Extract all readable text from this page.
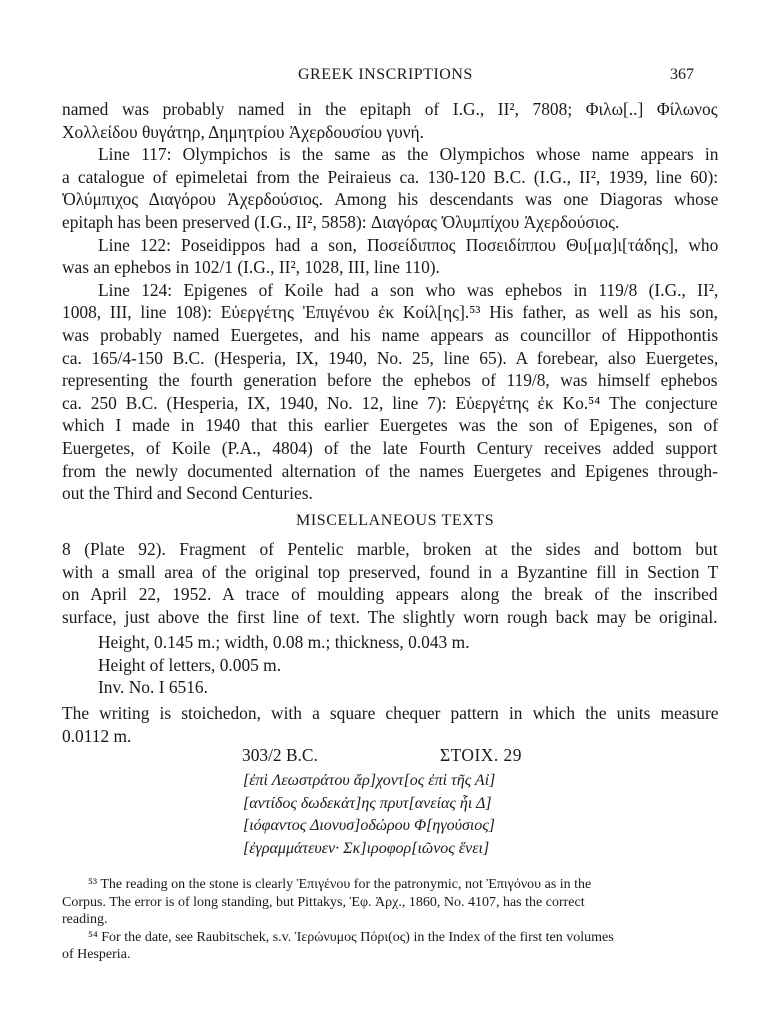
GREEK INSCRIPTIONS	367
named was probably named in the epitaph of I.G., II², 7808; Φιλω[..] Φίλωνος
Χολλείδου θυγάτηρ, Δημητρίου Ἀχερδουσίου γυνή.
Line 117: Olympichos is the same as the Olympichos whose name appears in
a catalogue of epimeletai from the Peiraieus ca. 130-120 B.C. (I.G., II², 1939, line 60):
Ὀλύμπιχος Διαγόρου Ἀχερδούσιος. Among his descendants was one Diagoras whose
epitaph has been preserved (I.G., II², 5858): Διαγόρας Ὀλυμπίχου Ἀχερδούσιος.
Line 122: Poseidippos had a son, Ποσείδιππος Ποσειδίππου Θυ[μα]ι[τάδης], who
was an ephebos in 102/1 (I.G., II², 1028, III, line 110).
Line 124: Epigenes of Koile had a son who was ephebos in 119/8 (I.G., II²,
1008, III, line 108): Εὐεργέτης Ἐπιγένου ἐκ Κοίλ[ης].⁵³ His father, as well as his son,
was probably named Euergetes, and his name appears as councillor of Hippothontis
ca. 165/4-150 B.C. (Hesperia, IX, 1940, No. 25, line 65). A forebear, also Euergetes,
representing the fourth generation before the ephebos of 119/8, was himself ephebos
ca. 250 B.C. (Hesperia, IX, 1940, No. 12, line 7): Εὐεργέτης ἐκ Κο.⁵⁴ The conjecture
which I made in 1940 that this earlier Euergetes was the son of Epigenes, son of
Euergetes, of Koile (P.A., 4804) of the late Fourth Century receives added support
from the newly documented alternation of the names Euergetes and Epigenes through-
out the Third and Second Centuries.
MISCELLANEOUS TEXTS
8 (Plate 92). Fragment of Pentelic marble, broken at the sides and bottom but
with a small area of the original top preserved, found in a Byzantine fill in Section T
on April 22, 1952. A trace of moulding appears along the break of the inscribed
surface, just above the first line of text. The slightly worn rough back may be original.
Height, 0.145 m.; width, 0.08 m.; thickness, 0.043 m.
Height of letters, 0.005 m.
Inv. No. I 6516.
The writing is stoichedon, with a square chequer pattern in which the units measure
0.0112 m.
303/2 B.C.	ΣΤΟΙΧ. 29
[ἐπὶ Λεωστράτου ἄρ]χοντ[ος ἐπὶ τῆς Αἰ]
[αντίδος δωδεκάτ]ης πρυτ[ανείας ἧι Δ]
[ιόφαντος Διονυσ]οδώρου Φ[ηγούσιος]
[ἐγραμμάτευεν· Σκ]ιροφορ[ιῶνος ἕνει]
⁵³ The reading on the stone is clearly Ἐπιγένου for the patronymic, not Ἐπιγόνου as in the
Corpus. The error is of long standing, but Pittakys, Ἐφ. Ἀρχ., 1860, No. 4107, has the correct
reading.
⁵⁴ For the date, see Raubitschek, s.v. Ἱερώνυμος Πόρι(ος) in the Index of the first ten volumes
of Hesperia.
